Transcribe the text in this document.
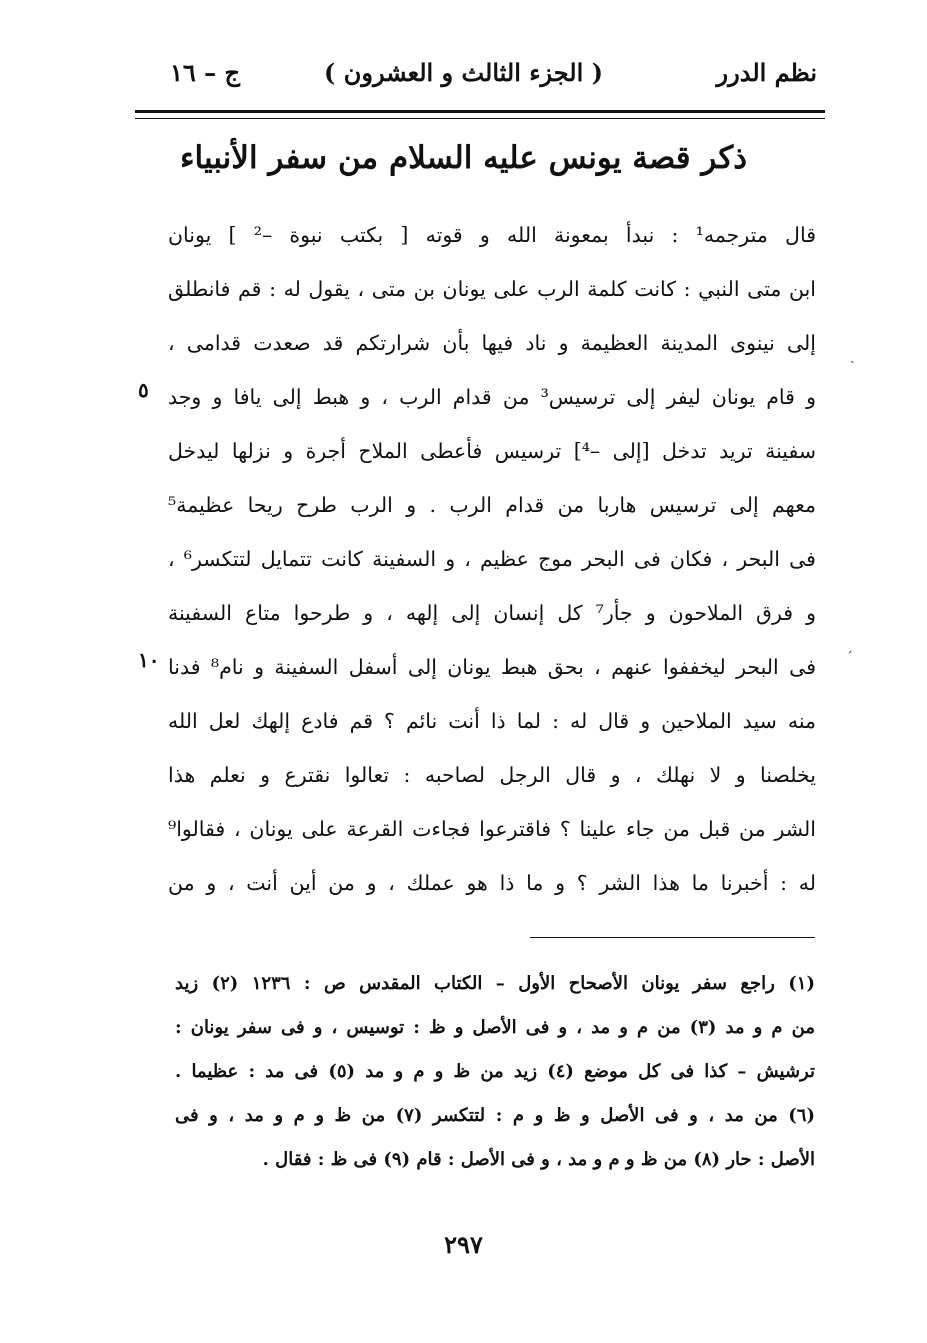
نظم الدرر
( الجزء الثالث و العشرون )
ج – ١٦
ذكر قصة يونس عليه السلام من سفر الأنبياء
قال مترجمه¹ : نبدأ بمعونة الله و قوته [ بكتب نبوة –² ] يونان
ابن متى النبي : كانت كلمة الرب على يونان بن متى ، يقول له : قم فانطلق
إلى نينوى المدينة العظيمة و ناد فيها بأن شرارتكم قد صعدت قدامى ،
و قام يونان ليفر إلى ترسيس³ من قدام الرب ، و هبط إلى يافا و وجد
سفينة تريد تدخل [إلى –⁴] ترسيس فأعطى الملاح أجرة و نزلها ليدخل
معهم إلى ترسيس هاربا من قدام الرب . و الرب طرح ريحا عظيمة⁵
فى البحر ، فكان فى البحر موج عظيم ، و السفينة كانت تتمايل لتتكسر⁶ ،
و فرق الملاحون و جأر⁷ كل إنسان إلى إلهه ، و طرحوا متاع السفينة
فى البحر ليخففوا عنهم ، بحق هبط يونان إلى أسفل السفينة و نام⁸ فدنا
منه سيد الملاحين و قال له : لما ذا أنت نائم ؟ قم فادع إلهك لعل الله
يخلصنا و لا نهلك ، و قال الرجل لصاحبه : تعالوا نقترع و نعلم هذا
الشر من قبل من جاء علينا ؟ فاقترعوا فجاءت القرعة على يونان ، فقالوا⁹
له : أخبرنا ما هذا الشر ؟ و ما ذا هو عملك ، و من أين أنت ، و من
٥
١٠
ˏ
ˊ
(١) راجع سفر يونان الأصحاح الأول – الكتاب المقدس ص : ١٢٣٦ (٢) زيد
من م و مد (٣) من م و مد ، و فى الأصل و ظ : توسيس ، و فى سفر يونان :
ترشيش – كذا فى كل موضع (٤) زيد من ظ و م و مد (٥) فى مد : عظيما .
(٦) من مد ، و فى الأصل و ظ و م : لتتكسر (٧) من ظ و م و مد ، و فى
الأصل : حار (٨) من ظ و م و مد ، و فى الأصل : قام (٩) فى ظ : فقال .
٢٩٧
